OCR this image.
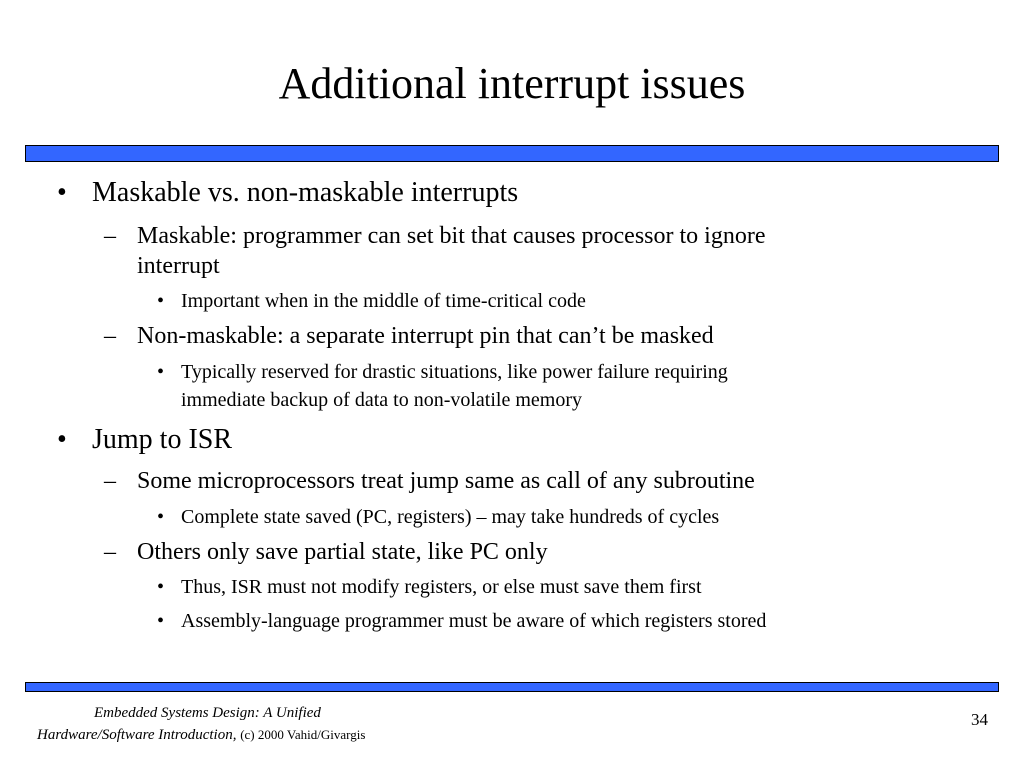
Additional interrupt issues
• Maskable vs. non-maskable interrupts
– Maskable: programmer can set bit that causes processor to ignore
interrupt
• Important when in the middle of time-critical code
– Non-maskable: a separate interrupt pin that can’t be masked
• Typically reserved for drastic situations, like power failure requiring
immediate backup of data to non-volatile memory
• Jump to ISR
– Some microprocessors treat jump same as call of any subroutine
• Complete state saved (PC, registers) – may take hundreds of cycles
– Others only save partial state, like PC only
• Thus, ISR must not modify registers, or else must save them first
• Assembly-language programmer must be aware of which registers stored
Embedded Systems Design: A Unified
Hardware/Software Introduction, (c) 2000 Vahid/Givargis
34
